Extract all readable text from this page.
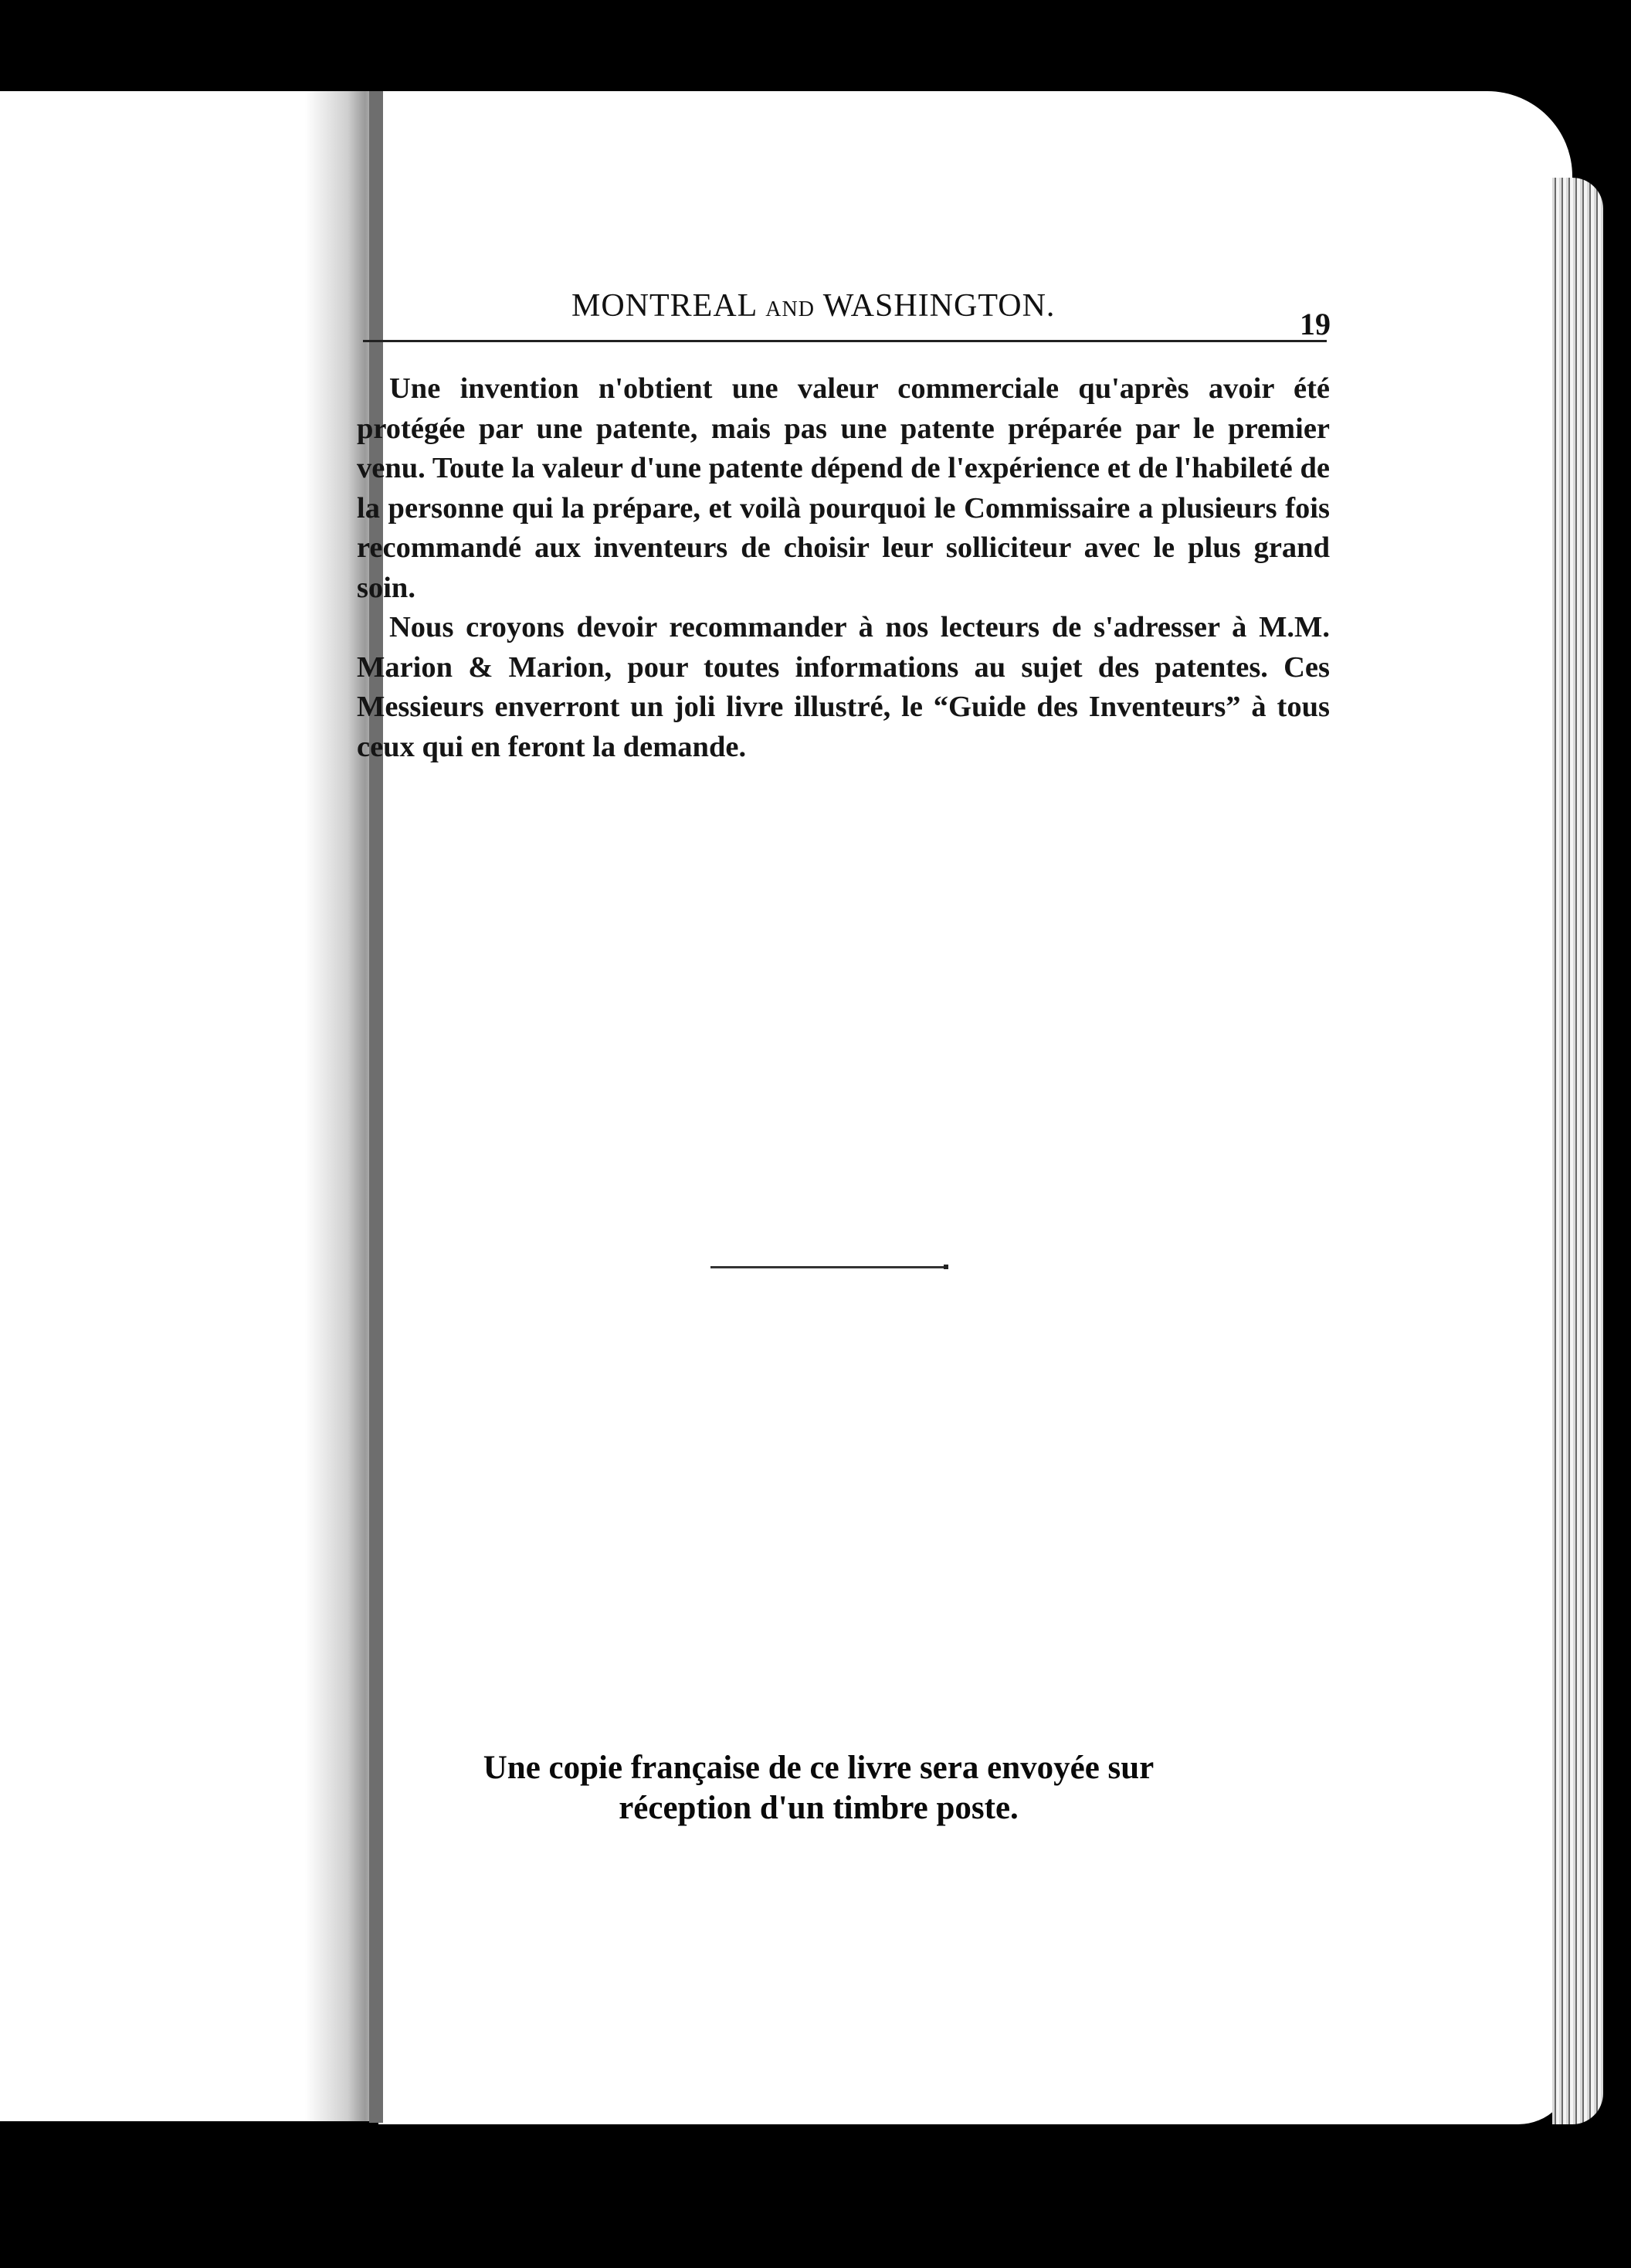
MONTREAL AND WASHINGTON.
19

Une invention n'obtient une valeur commerciale qu'après avoir été protégée par une patente, mais pas une patente préparée par le premier venu. Toute la valeur d'une patente dépend de l'expérience et de l'habileté de la personne qui la prépare, et voilà pourquoi le Commissaire a plusieurs fois recommandé aux inventeurs de choisir leur solliciteur avec le plus grand soin.

Nous croyons devoir recommander à nos lecteurs de s'adresser à M.M. Marion & Marion, pour toutes informations au sujet des patentes. Ces Messieurs enverront un joli livre illustré, le “Guide des Inventeurs” à tous ceux qui en feront la demande.

Une copie française de ce livre sera envoyée sur
réception d'un timbre poste.
